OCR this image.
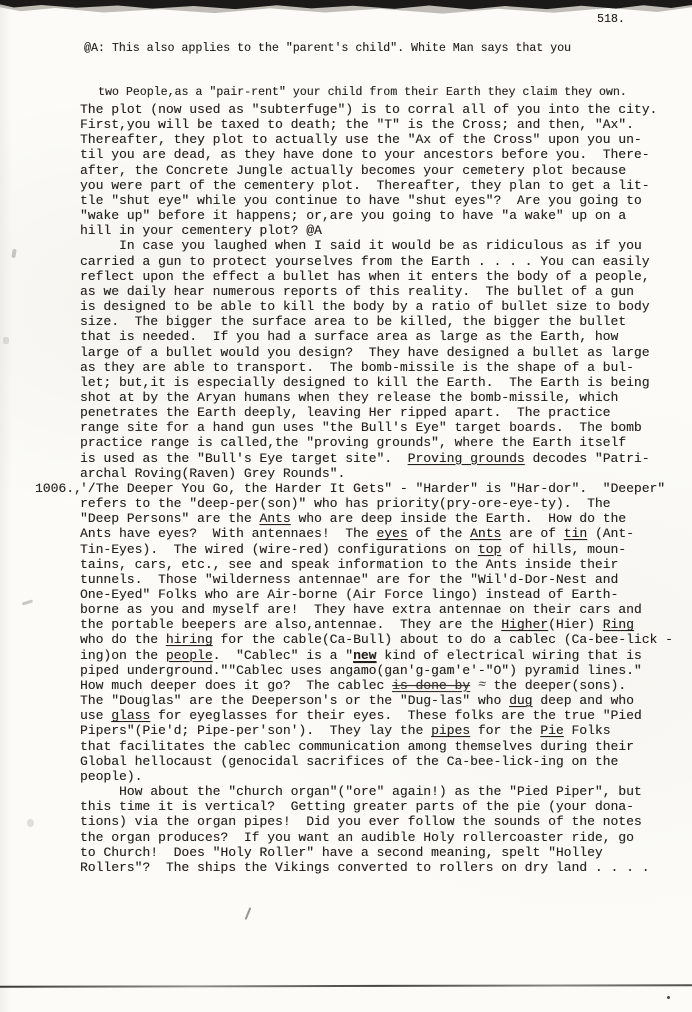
@A: This also applies to the "parent's child". White Man says that you

two People,as a "pair-rent" your child from their Earth they claim they own.

518.
The plot (now used as "subterfuge") is to corral all of you into the city.
First,you will be taxed to death; the "T" is the Cross; and then, "Ax".
Thereafter, they plot to actually use the "Ax of the Cross" upon you un-
til you are dead, as they have done to your ancestors before you.  There-
after, the Concrete Jungle actually becomes your cemetery plot because
you were part of the cementery plot.  Thereafter, they plan to get a lit-
tle "shut eye" while you continue to have "shut eyes"?  Are you going to
"wake up" before it happens; or,are you going to have "a wake" up on a
hill in your cementery plot? @A
In case you laughed when I said it would be as ridiculous as if you
carried a gun to protect yourselves from the Earth . . . . You can easily
reflect upon the effect a bullet has when it enters the body of a people,
as we daily hear numerous reports of this reality.  The bullet of a gun
is designed to be able to kill the body by a ratio of bullet size to body
size.  The bigger the surface area to be killed, the bigger the bullet
that is needed.  If you had a surface area as large as the Earth, how
large of a bullet would you design?  They have designed a bullet as large
as they are able to transport.  The bomb-missile is the shape of a bul-
let; but,it is especially designed to kill the Earth.  The Earth is being
shot at by the Aryan humans when they release the bomb-missile, which
penetrates the Earth deeply, leaving Her ripped apart.  The practice
range site for a hand gun uses "the Bull's Eye" target boards.  The bomb
practice range is called,the "proving grounds", where the Earth itself
is used as the "Bull's Eye target site".  Proving grounds decodes "Patri-
archal Roving(Raven) Grey Rounds".
1006.,
'/The Deeper You Go, the Harder It Gets" - "Harder" is "Har-dor".  "Deeper"
refers to the "deep-per(son)" who has priority(pry-ore-eye-ty).  The
"Deep Persons" are the Ants who are deep inside the Earth.  How do the
Ants have eyes?  With antennaes!  The eyes of the Ants are of tin (Ant-
Tin-Eyes).  The wired (wire-red) configurations on top of hills, moun-
tains, cars, etc., see and speak information to the Ants inside their
tunnels.  Those "wilderness antennae" are for the "Wil'd-Dor-Nest and
One-Eyed" Folks who are Air-borne (Air Force lingo) instead of Earth-
borne as you and myself are!  They have extra antennae on their cars and
the portable beepers are also,antennae.  They are the Higher(Hier) Ring
who do the hiring for the cable(Ca-Bull) about to do a cablec (Ca-bee-lick -
ing)on the people.  "Cablec" is a "new kind of electrical wiring that is
piped underground.""Cablec uses angamo(gan'g-gam'e'-"O") pyramid lines."
How much deeper does it go?  The cablec is done by ≈ the deeper(sons).
The "Douglas" are the Deeperson's or the "Dug-las" who dug deep and who
use glass for eyeglasses for their eyes.  These folks are the true "Pied
Pipers"(Pie'd; Pipe-per'son').  They lay the pipes for the Pie Folks
that facilitates the cablec communication among themselves during their
Global hellocaust (genocidal sacrifices of the Ca-bee-lick-ing on the
people).
How about the "church organ"("ore" again!) as the "Pied Piper", but
this time it is vertical?  Getting greater parts of the pie (your dona-
tions) via the organ pipes!  Did you ever follow the sounds of the notes
the organ produces?  If you want an audible Holy rollercoaster ride, go
to Church!  Does "Holy Roller" have a second meaning, spelt "Holley
Rollers"?  The ships the Vikings converted to rollers on dry land . . . .
